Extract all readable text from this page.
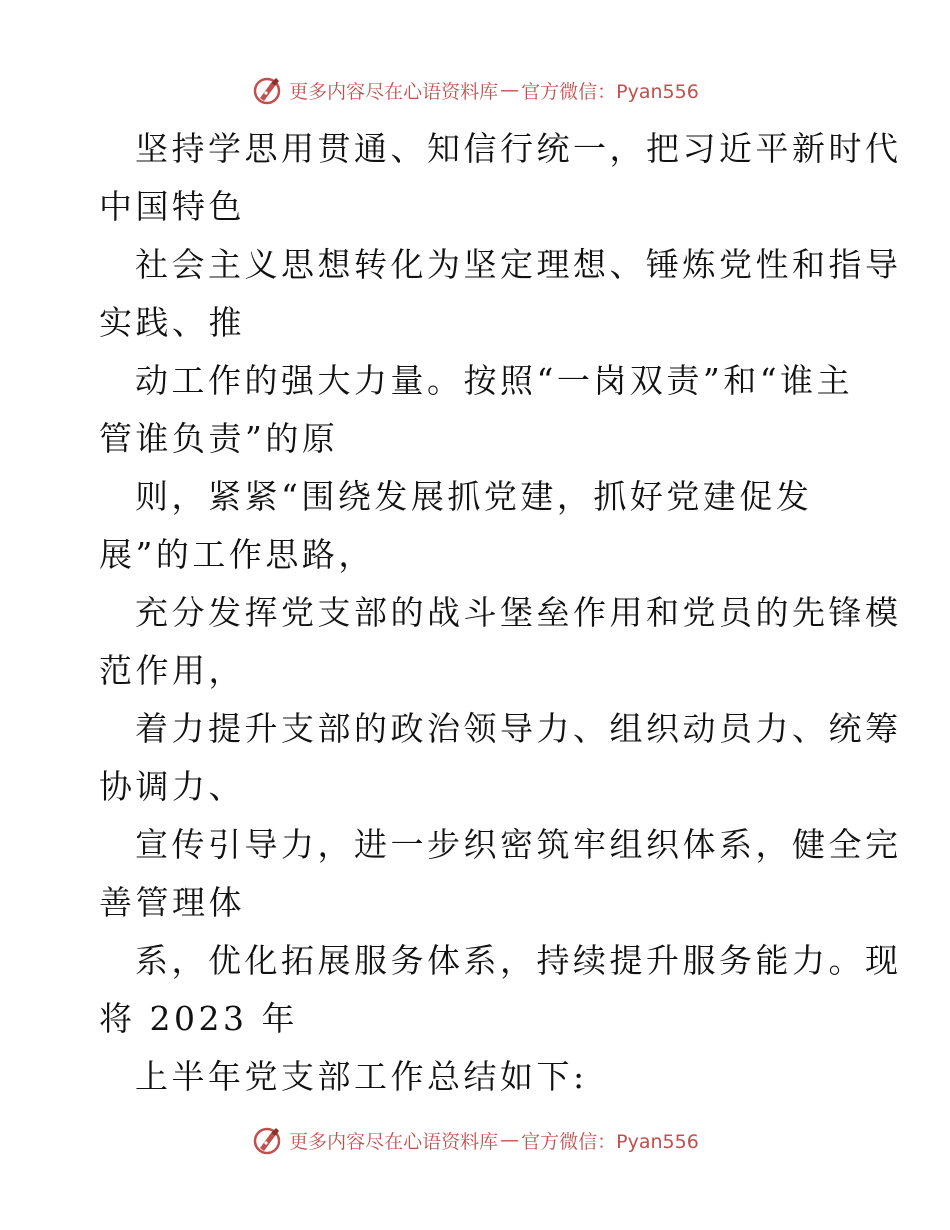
更多内容尽在心语资料库 — 官方微信：Pyan556

坚持学思用贯通、知信行统一，把习近平新时代
中国特色

社会主义思想转化为坚定理想、锤炼党性和指导
实践、推

动工作的强大力量。按照“一岗双责”和“谁主
管谁负责”的原

则，紧紧“围绕发展抓党建，抓好党建促发
展”的工作思路，

充分发挥党支部的战斗堡垒作用和党员的先锋模
范作用，

着力提升支部的政治领导力、组织动员力、统筹
协调力、

宣传引导力，进一步织密筑牢组织体系，健全完
善管理体

系，优化拓展服务体系，持续提升服务能力。现
将 2023 年

上半年党支部工作总结如下:

更多内容尽在心语资料库 — 官方微信：Pyan556
